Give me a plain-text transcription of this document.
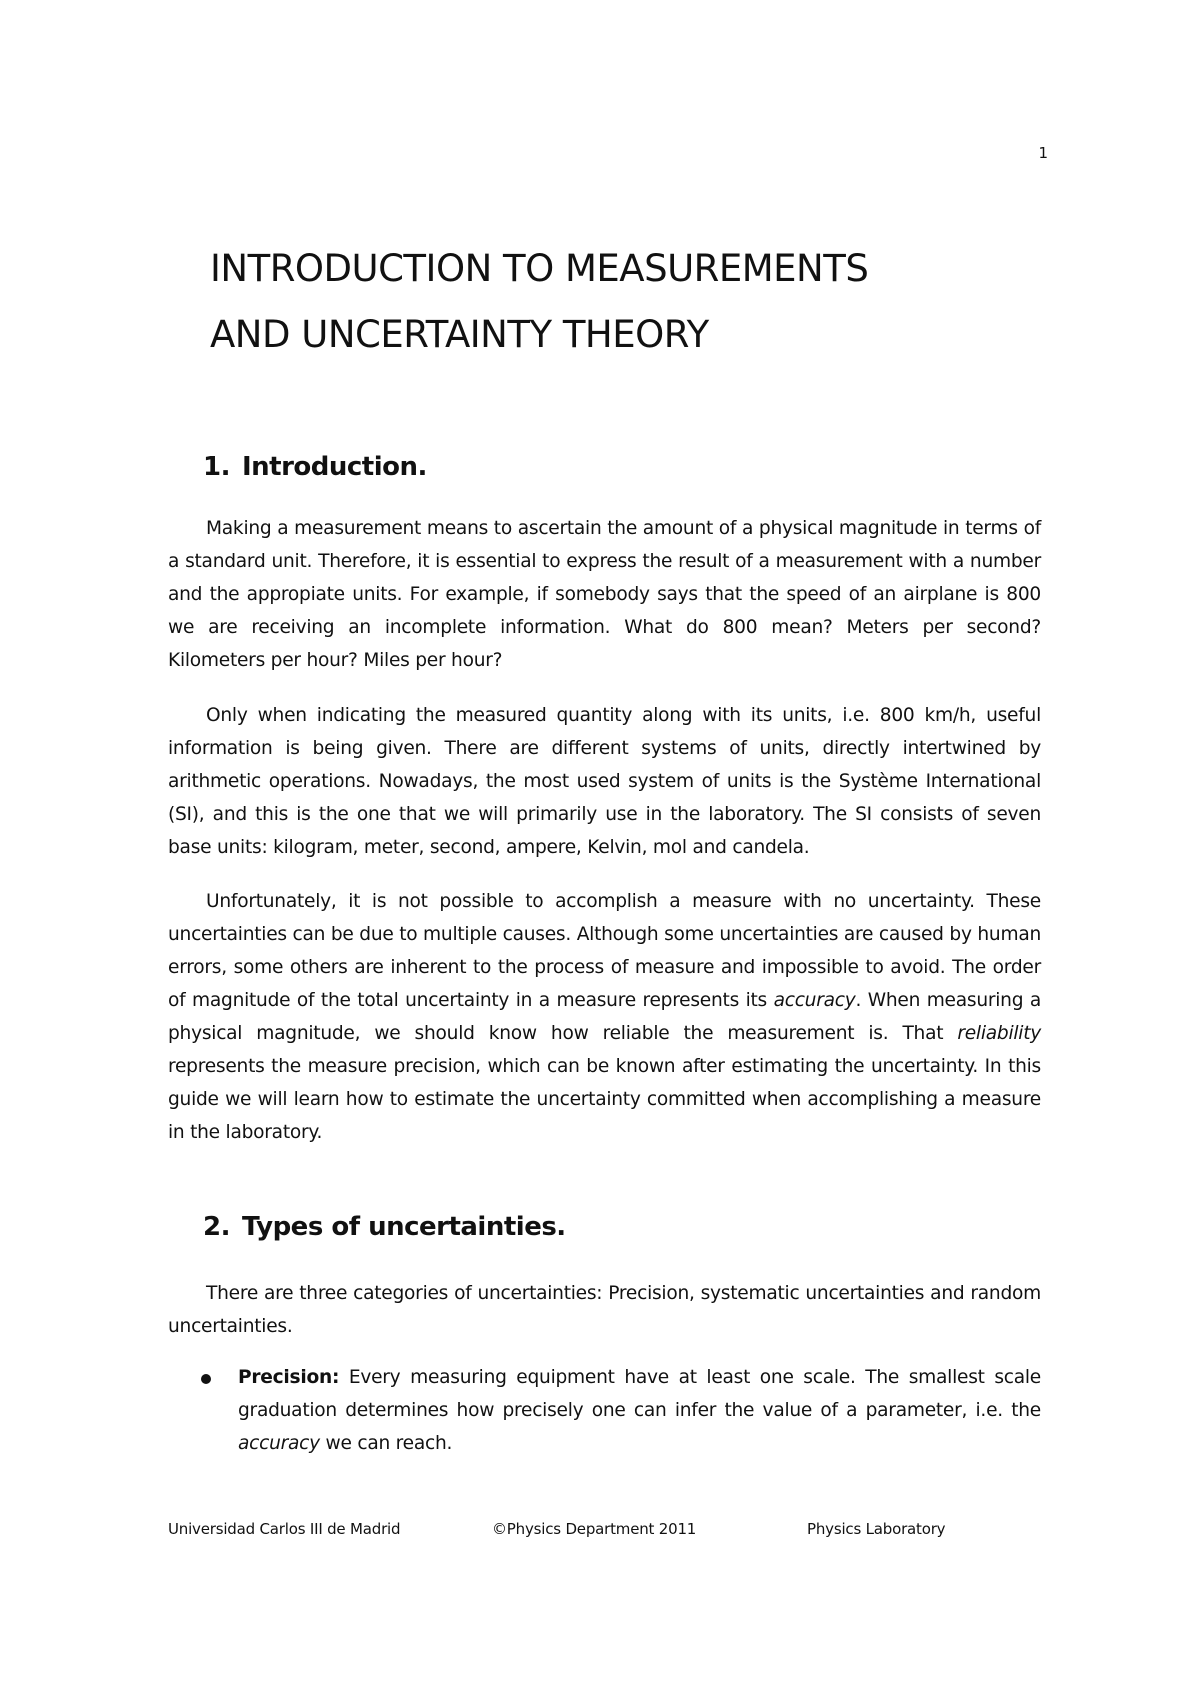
1
INTRODUCTION TO MEASUREMENTS
AND UNCERTAINTY THEORY
1. Introduction.

Making a measurement means to ascertain the amount of a physical magnitude in terms of a standard unit. Therefore, it is essential to express the result of a measurement with a number and the appropiate units. For example, if somebody says that the speed of an airplane is 800 we are receiving an incomplete information. What do 800 mean? Meters per second? Kilometers per hour? Miles per hour?

Only when indicating the measured quantity along with its units, i.e. 800 km/h, useful information is being given. There are different systems of units, directly intertwined by arithmetic operations. Nowadays, the most used system of units is the Système International (SI), and this is the one that we will primarily use in the laboratory. The SI consists of seven base units: kilogram, meter, second, ampere, Kelvin, mol and candela.

Unfortunately, it is not possible to accomplish a measure with no uncertainty. These uncertainties can be due to multiple causes. Although some uncertainties are caused by human errors, some others are inherent to the process of measure and impossible to avoid. The order of magnitude of the total uncertainty in a measure represents its accuracy. When measuring a physical magnitude, we should know how reliable the measurement is. That reliability represents the measure precision, which can be known after estimating the uncertainty. In this guide we will learn how to estimate the uncertainty committed when accomplishing a measure in the laboratory.

2. Types of uncertainties.

There are three categories of uncertainties: Precision, systematic uncertainties and random uncertainties.

Precision: Every measuring equipment have at least one scale. The smallest scale graduation determines how precisely one can infer the value of a parameter, i.e. the accuracy we can reach.

Universidad Carlos III de Madrid	©Physics Department 2011	Physics Laboratory
